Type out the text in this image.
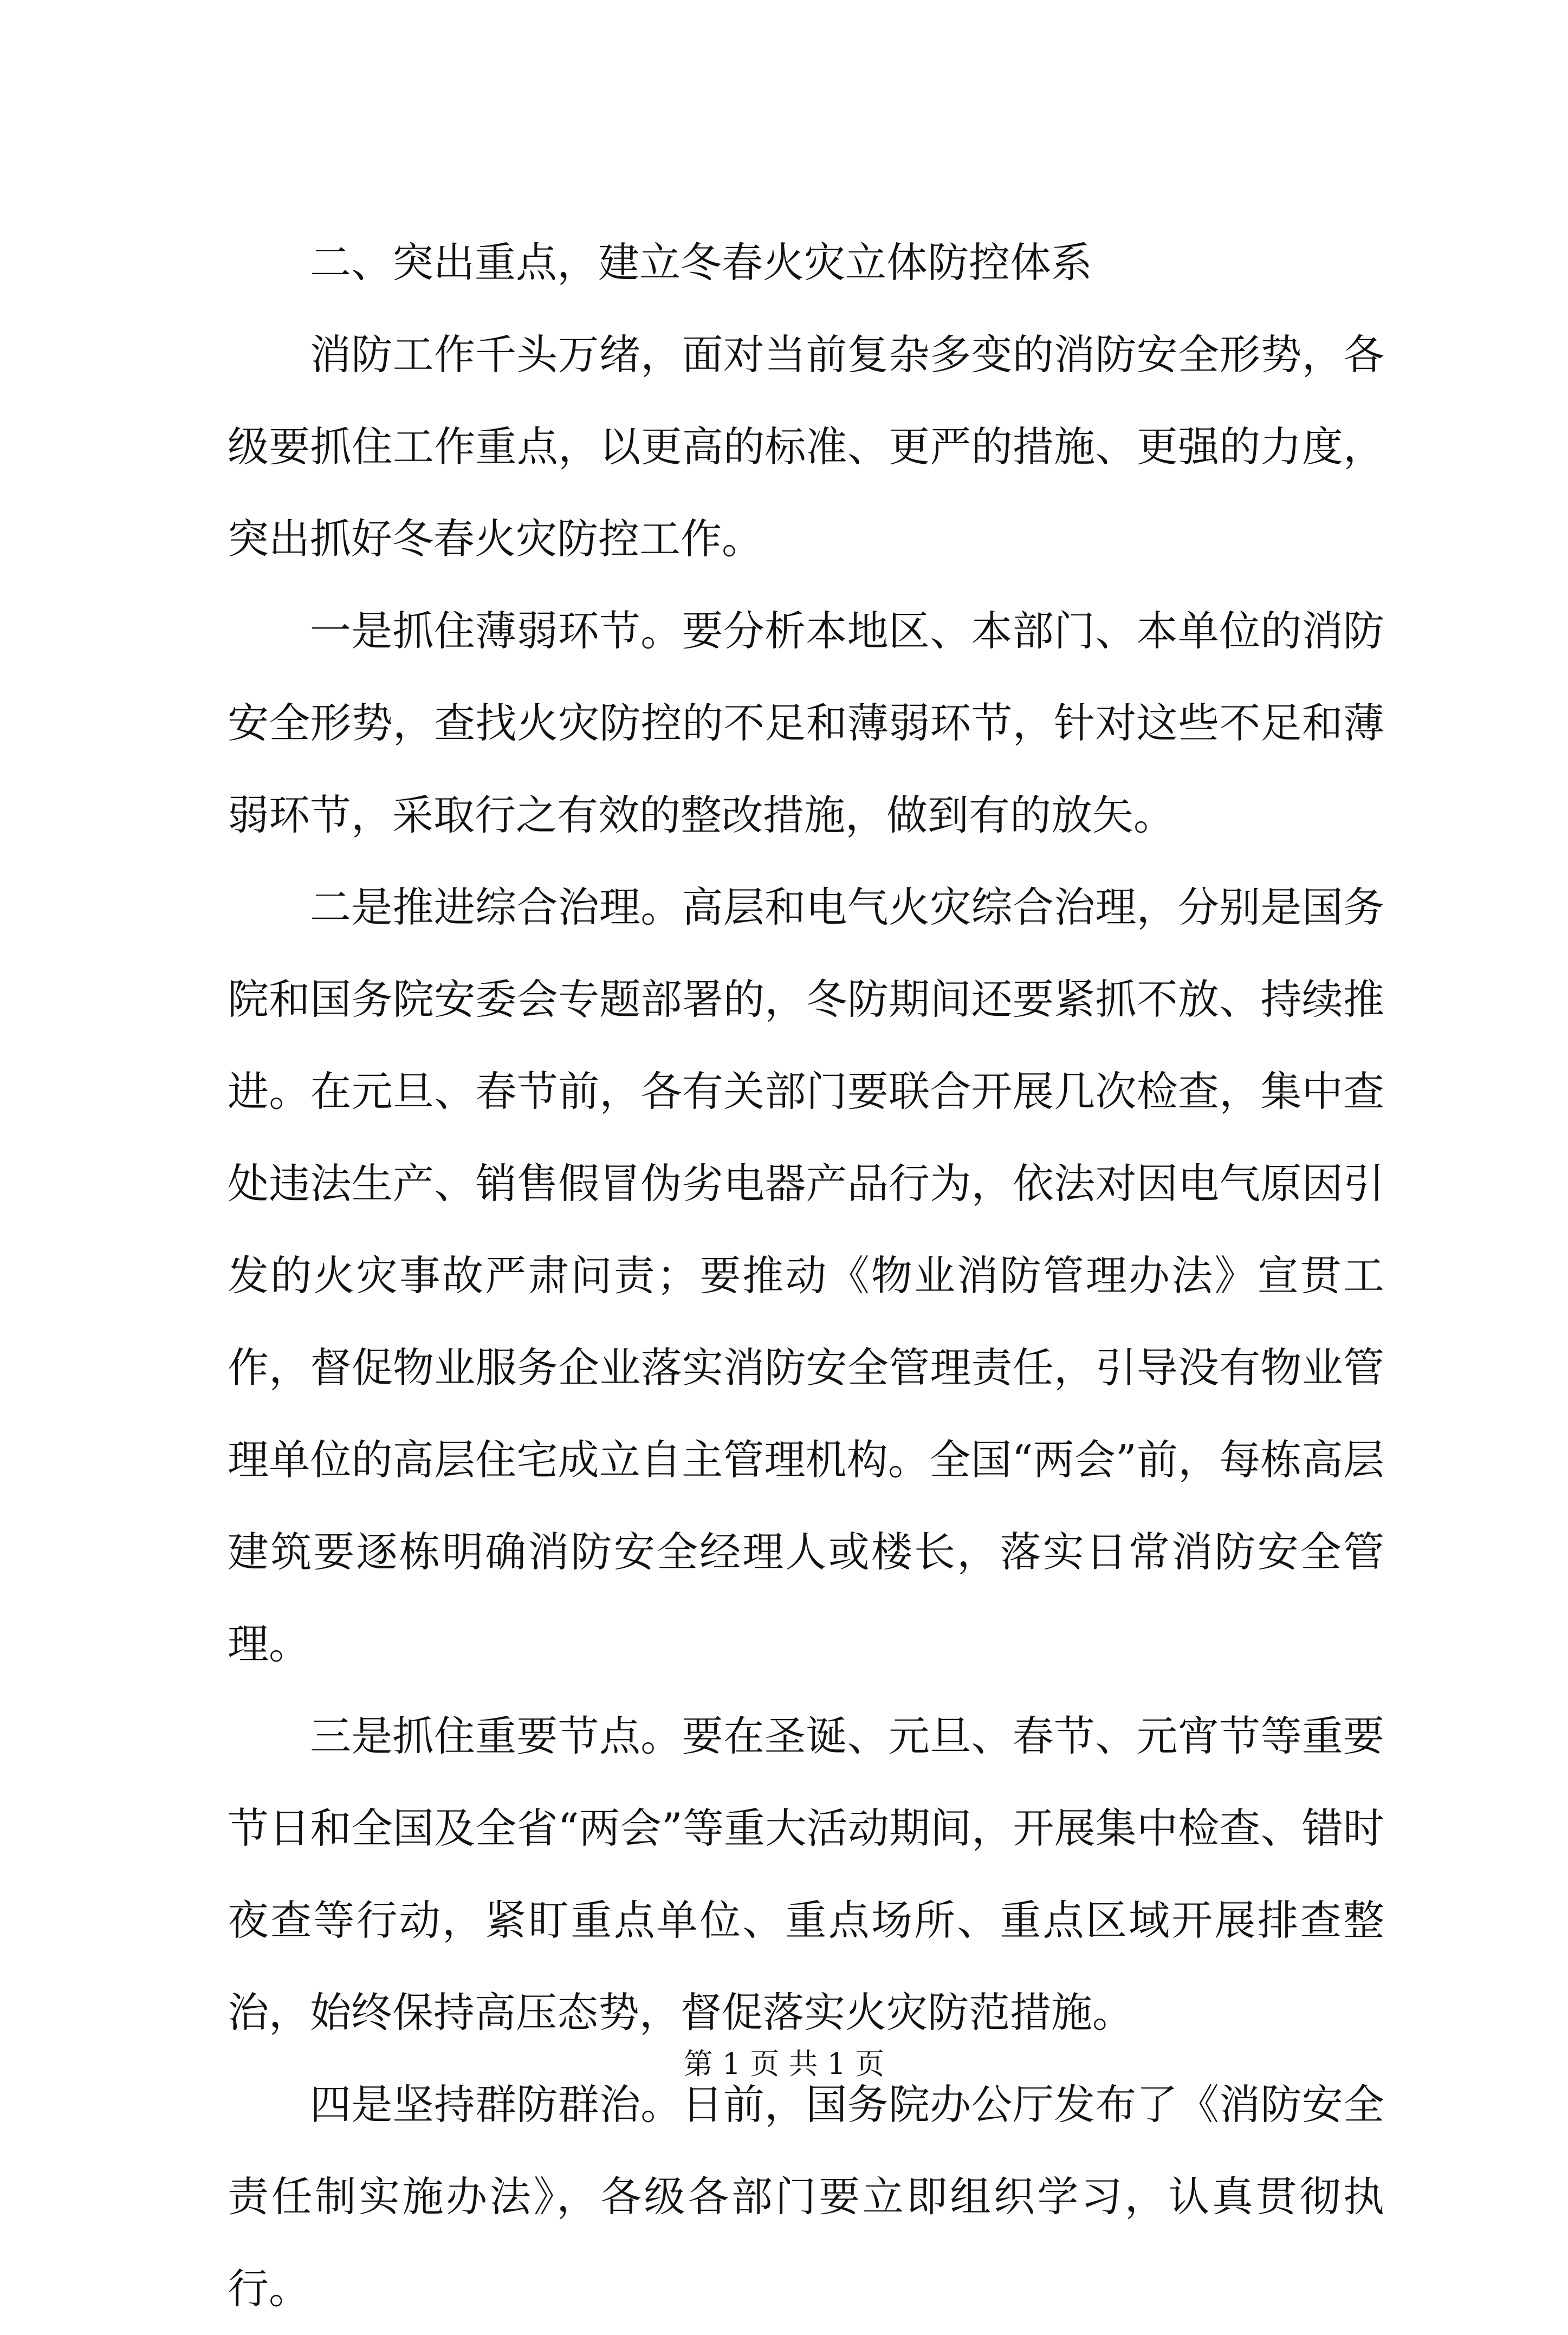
二、突出重点，建立冬春火灾立体防控体系

消防工作千头万绪，面对当前复杂多变的消防安全形势，各级要抓住工作重点，以更高的标准、更严的措施、更强的力度，突出抓好冬春火灾防控工作。

一是抓住薄弱环节。要分析本地区、本部门、本单位的消防安全形势，查找火灾防控的不足和薄弱环节，针对这些不足和薄弱环节，采取行之有效的整改措施，做到有的放矢。

二是推进综合治理。高层和电气火灾综合治理，分别是国务院和国务院安委会专题部署的，冬防期间还要紧抓不放、持续推进。在元旦、春节前，各有关部门要联合开展几次检查，集中查处违法生产、销售假冒伪劣电器产品行为，依法对因电气原因引发的火灾事故严肃问责；要推动《物业消防管理办法》宣贯工作，督促物业服务企业落实消防安全管理责任，引导没有物业管理单位的高层住宅成立自主管理机构。全国“两会”前，每栋高层建筑要逐栋明确消防安全经理人或楼长，落实日常消防安全管理。

三是抓住重要节点。要在圣诞、元旦、春节、元宵节等重要节日和全国及全省“两会”等重大活动期间，开展集中检查、错时夜查等行动，紧盯重点单位、重点场所、重点区域开展排查整治，始终保持高压态势，督促落实火灾防范措施。

四是坚持群防群治。日前，国务院办公厅发布了《消防安全责任制实施办法》，各级各部门要立即组织学习，认真贯彻执行。

第 1 页 共 1 页
